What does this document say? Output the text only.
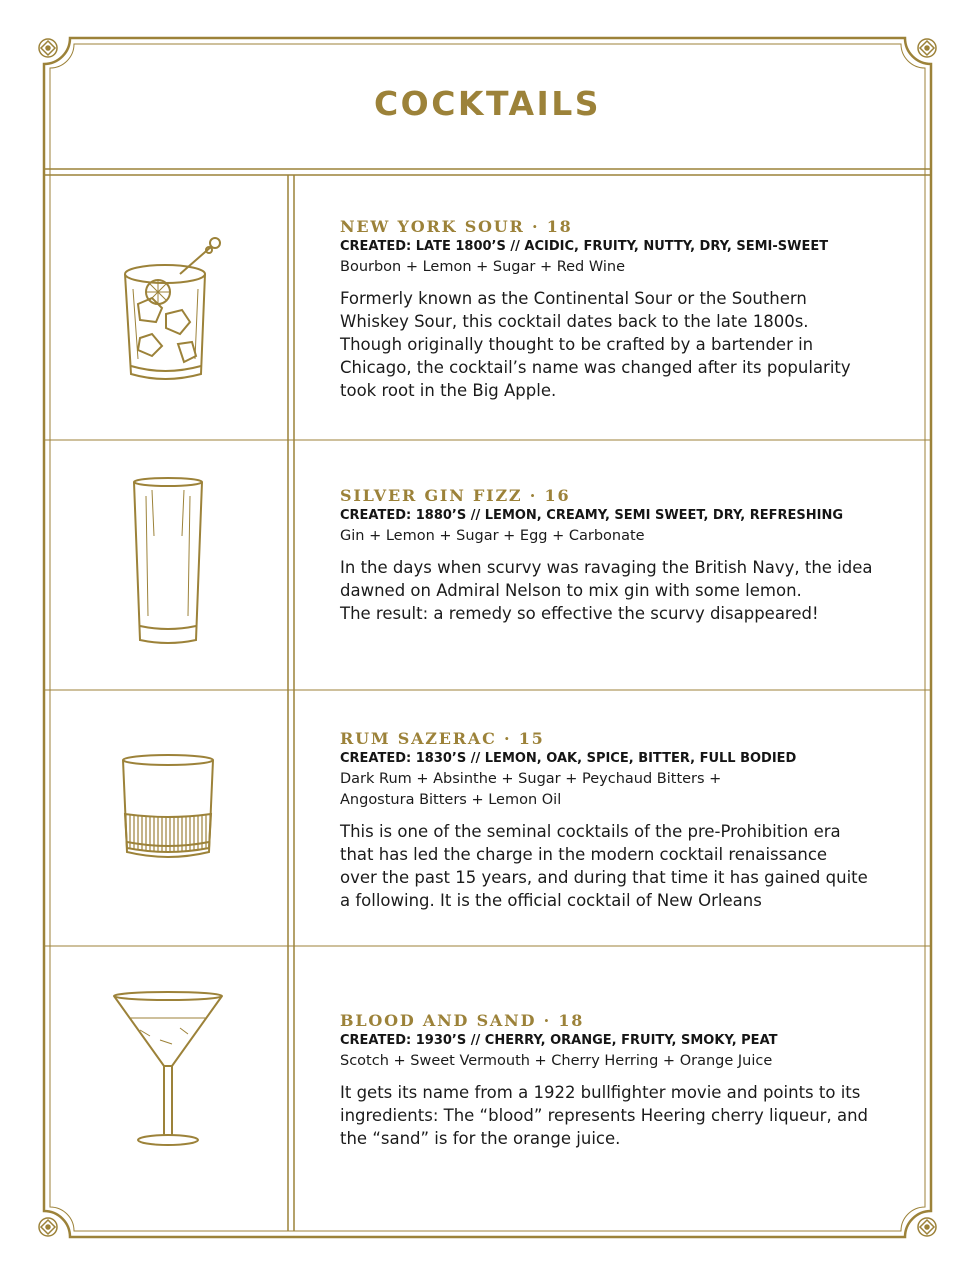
COCKTAILS

NEW YORK SOUR · 18

CREATED: LATE 1800’S // ACIDIC, FRUITY, NUTTY, DRY, SEMI-SWEET

Bourbon + Lemon + Sugar + Red Wine

Formerly known as the Continental Sour or the Southern
Whiskey Sour, this cocktail dates back to the late 1800s.
Though originally thought to be crafted by a bartender in
Chicago, the cocktail’s name was changed after its popularity
took root in the Big Apple.

SILVER GIN FIZZ · 16

CREATED: 1880’S // LEMON, CREAMY, SEMI SWEET, DRY, REFRESHING

Gin + Lemon + Sugar + Egg + Carbonate

In the days when scurvy was ravaging the British Navy, the idea
dawned on Admiral Nelson to mix gin with some lemon.
The result: a remedy so effective the scurvy disappeared!

RUM SAZERAC · 15

CREATED: 1830’S // LEMON, OAK, SPICE, BITTER, FULL BODIED

Dark Rum + Absinthe + Sugar + Peychaud Bitters +
Angostura Bitters + Lemon Oil

This is one of the seminal cocktails of the pre-Prohibition era
that has led the charge in the modern cocktail renaissance
over the past 15 years, and during that time it has gained quite
a following. It is the official cocktail of New Orleans

BLOOD AND SAND · 18

CREATED: 1930’S // CHERRY, ORANGE, FRUITY, SMOKY, PEAT

Scotch + Sweet Vermouth + Cherry Herring + Orange Juice

It gets its name from a 1922 bullfighter movie and points to its
ingredients: The “blood” represents Heering cherry liqueur, and
the “sand” is for the orange juice.
